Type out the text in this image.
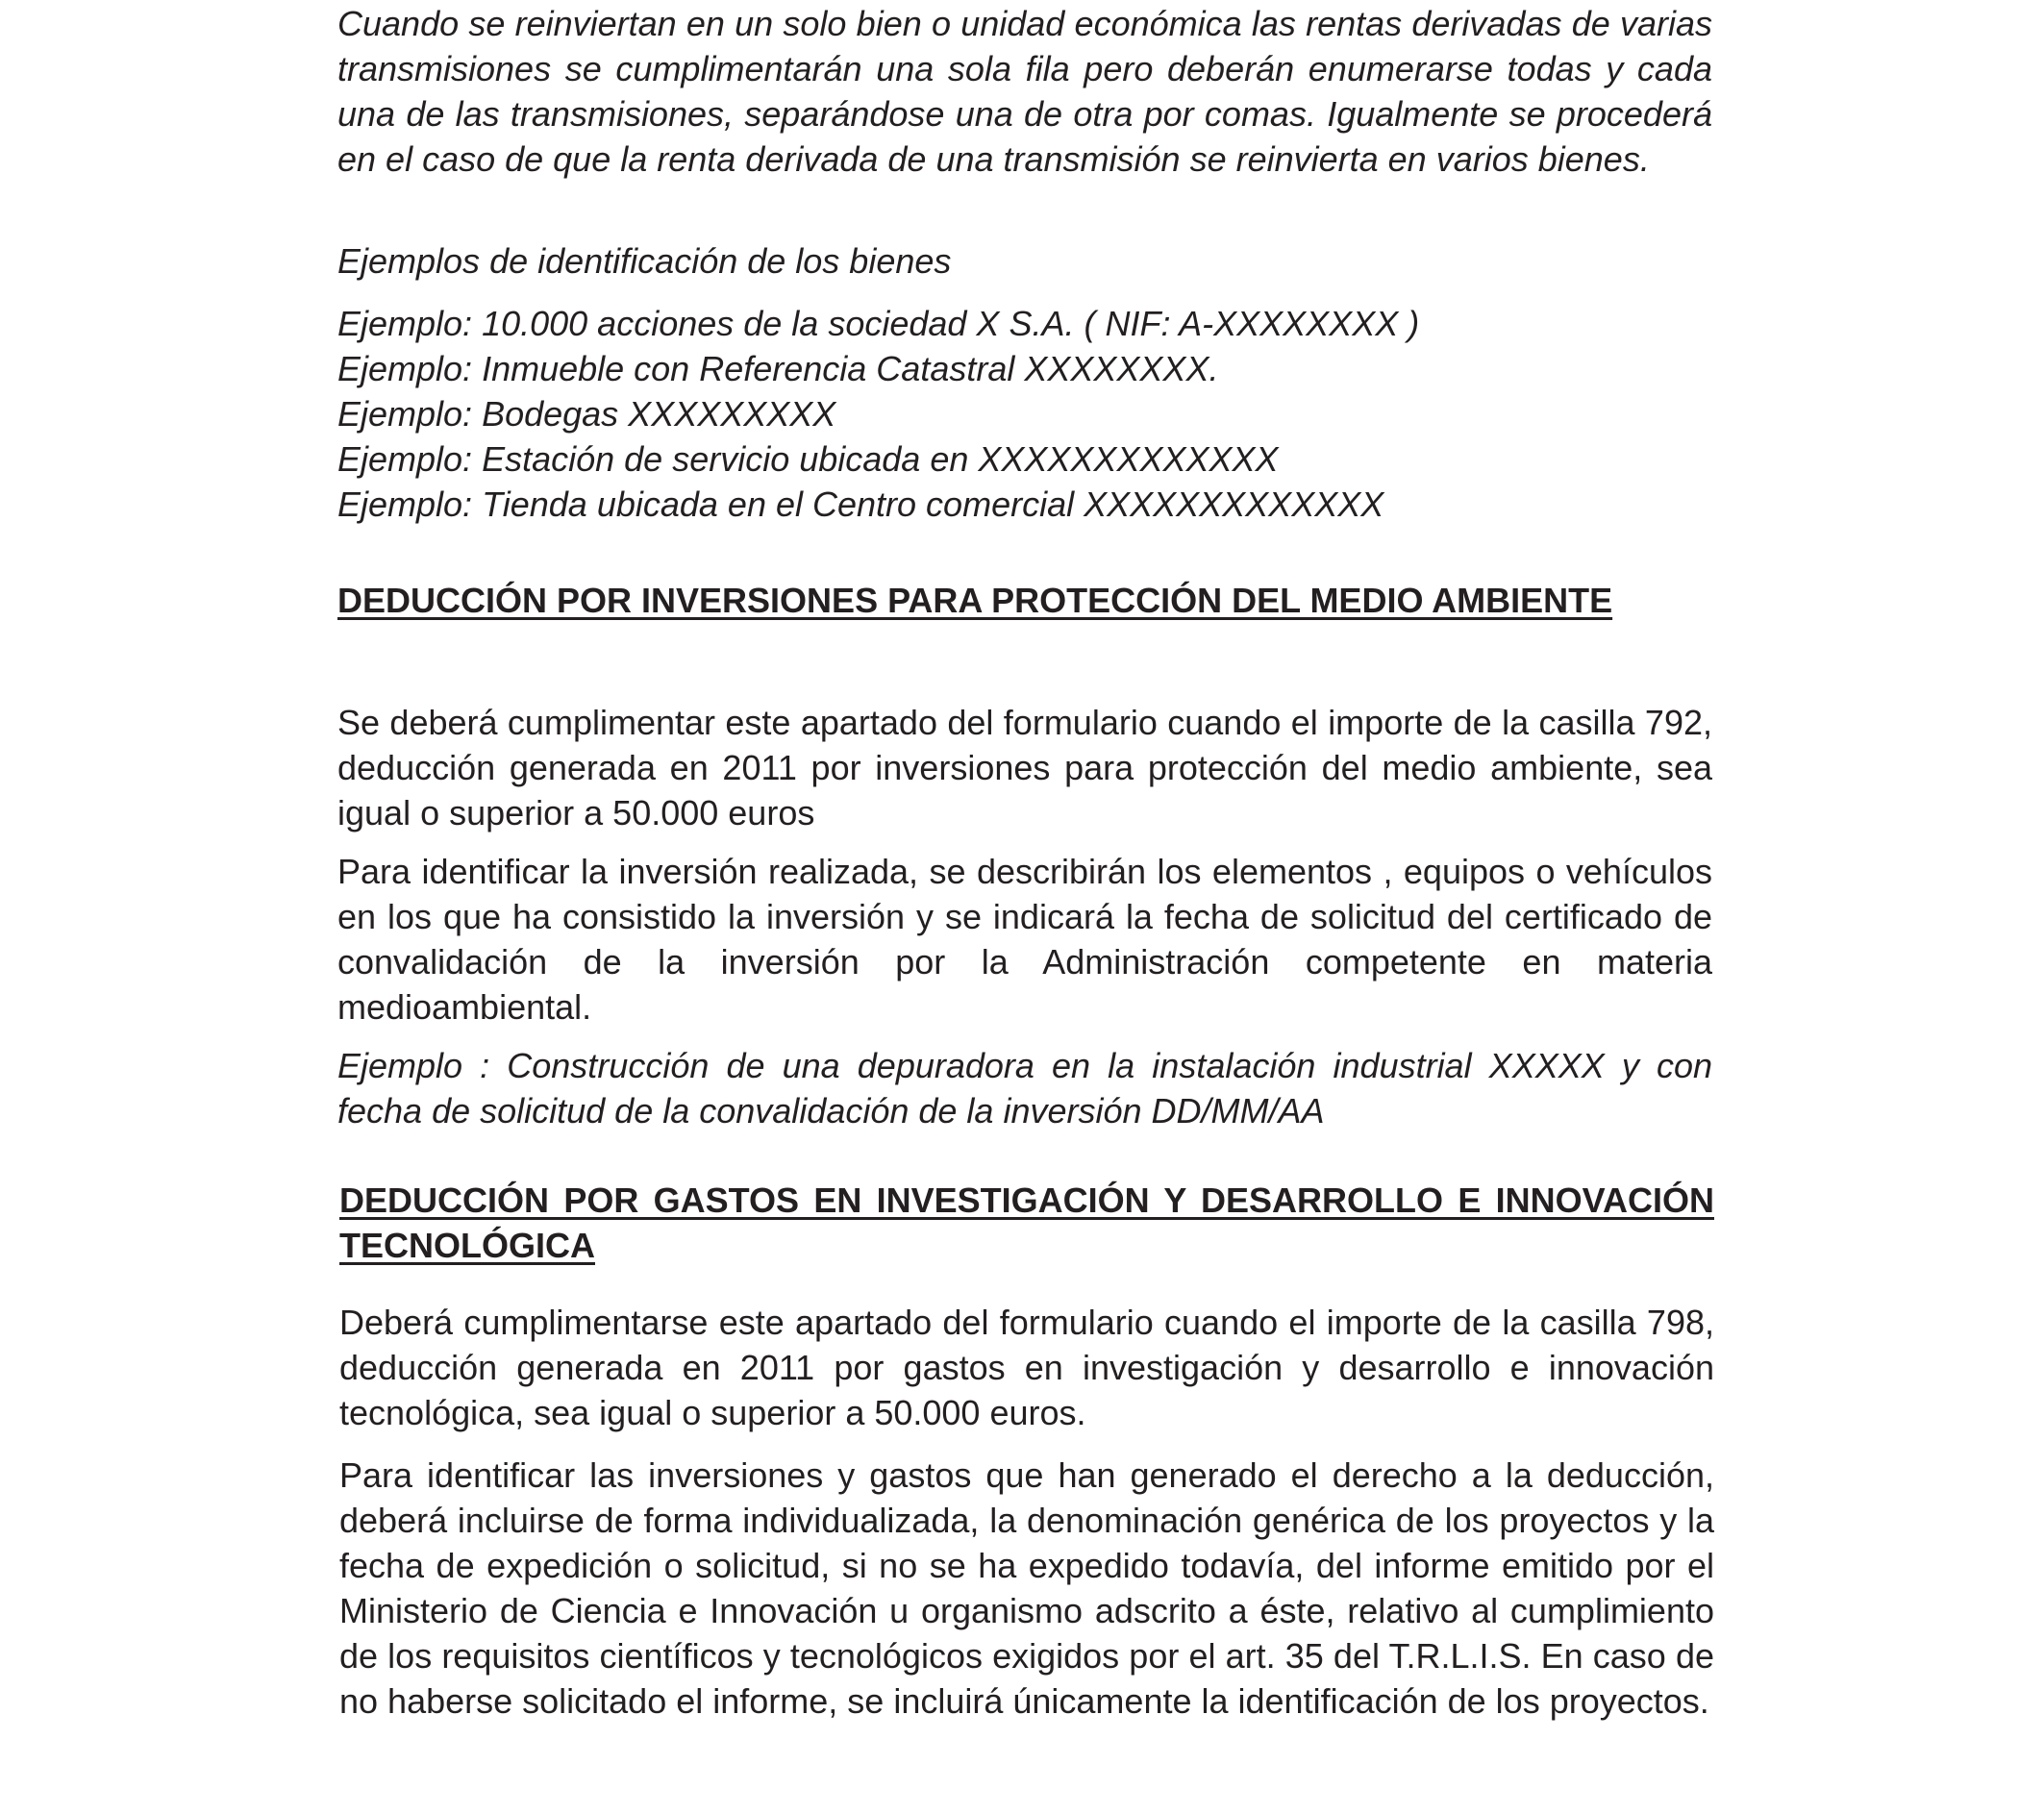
Cuando se reinviertan en un solo bien o unidad económica las rentas derivadas de varias transmisiones se cumplimentarán una sola fila pero deberán enumerarse todas y cada una de las transmisiones, separándose una de otra por comas. Igualmente se procederá en el caso de que la renta derivada de una transmisión se reinvierta en varios bienes.

Ejemplos de identificación de los bienes

Ejemplo: 10.000 acciones de la sociedad X S.A. ( NIF: A-XXXXXXXX )

Ejemplo: Inmueble con Referencia Catastral XXXXXXXX.

Ejemplo: Bodegas XXXXXXXXX

Ejemplo: Estación de servicio ubicada en XXXXXXXXXXXXX

Ejemplo: Tienda ubicada en el Centro comercial XXXXXXXXXXXXX

DEDUCCIÓN POR INVERSIONES PARA PROTECCIÓN DEL MEDIO AMBIENTE

Se deberá cumplimentar este apartado del formulario cuando el importe de la casilla 792, deducción generada en 2011 por inversiones para protección del medio ambiente, sea igual o superior a 50.000 euros

Para identificar la inversión realizada, se describirán los elementos , equipos o vehículos en los que ha consistido la inversión y se indicará la fecha de solicitud del certificado de convalidación de la inversión por la Administración competente en materia medioambiental.

Ejemplo : Construcción de una depuradora en la instalación industrial XXXXX y con fecha de solicitud de la convalidación de la inversión DD/MM/AA

DEDUCCIÓN POR GASTOS EN INVESTIGACIÓN Y DESARROLLO E INNOVACIÓN TECNOLÓGICA

Deberá cumplimentarse este apartado del formulario cuando el importe de la casilla 798, deducción generada en 2011 por gastos en investigación y desarrollo e innovación tecnológica, sea igual o superior a 50.000 euros.

Para identificar las inversiones y gastos que han generado el derecho a la deducción, deberá incluirse de forma individualizada, la denominación genérica de los proyectos y la fecha de expedición o solicitud, si no se ha expedido todavía, del informe emitido por el Ministerio de Ciencia e Innovación u organismo adscrito a éste, relativo al cumplimiento de los requisitos científicos y tecnológicos exigidos por el art. 35 del T.R.L.I.S. En caso de no haberse solicitado el informe, se incluirá únicamente la identificación de los proyectos.
